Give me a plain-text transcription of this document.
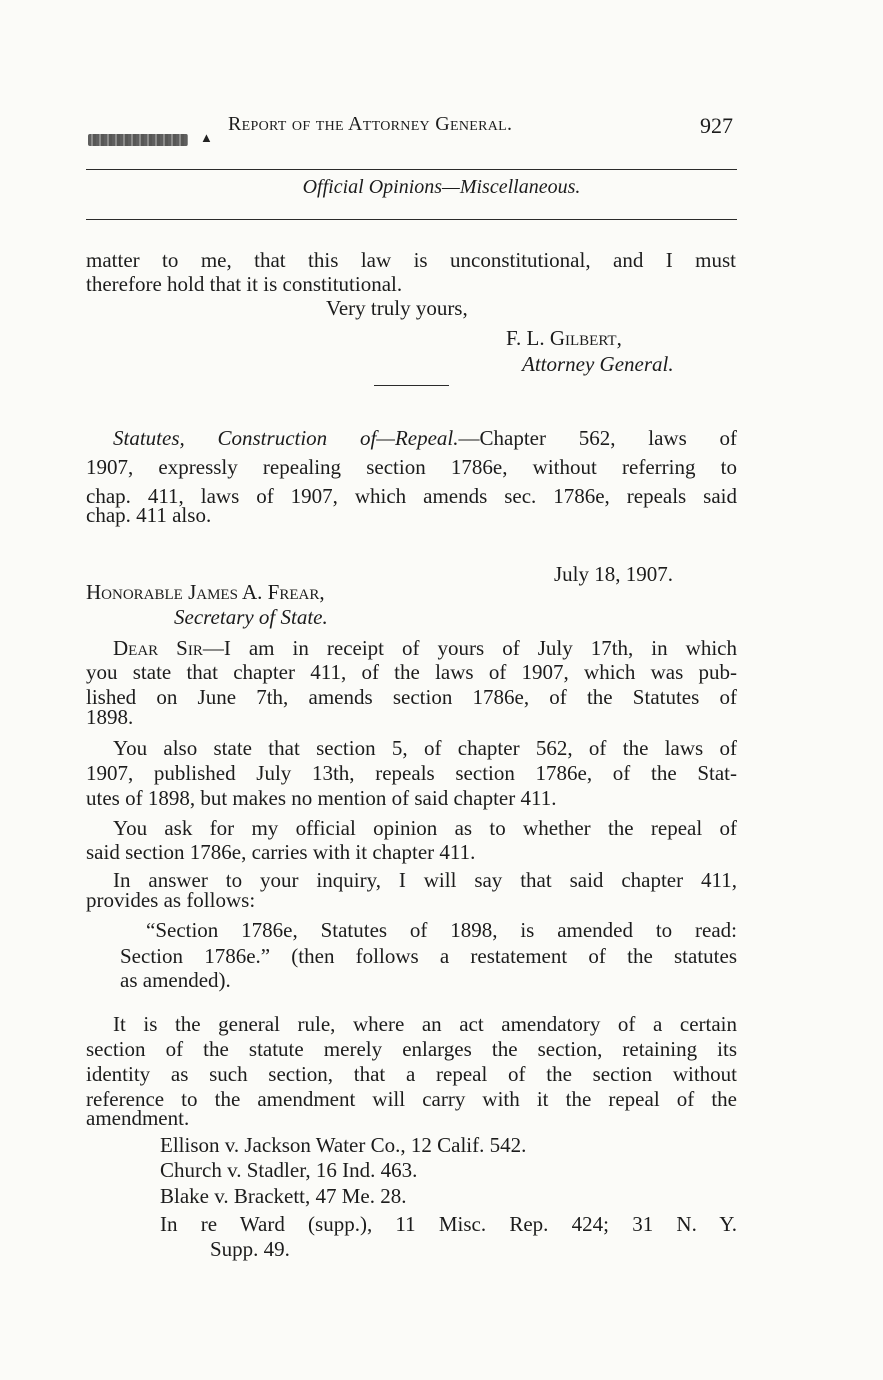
▲
Report of the Attorney General.	927
Official Opinions—Miscellaneous.
matter to me, that this law is unconstitutional, and I must
therefore hold that it is constitutional.
Very truly yours,
F. L. Gilbert,
Attorney General.
Statutes, Construction of—Repeal.—Chapter 562, laws of
1907, expressly repealing section 1786e, without referring to
chap. 411, laws of 1907, which amends sec. 1786e, repeals said
chap. 411 also.
July 18, 1907.
Honorable James A. Frear,
Secretary of State.
Dear Sir—I am in receipt of yours of July 17th, in which
you state that chapter 411, of the laws of 1907, which was pub-
lished on June 7th, amends section 1786e, of the Statutes of
1898.
You also state that section 5, of chapter 562, of the laws of
1907, published July 13th, repeals section 1786e, of the Stat-
utes of 1898, but makes no mention of said chapter 411.
You ask for my official opinion as to whether the repeal of
said section 1786e, carries with it chapter 411.
In answer to your inquiry, I will say that said chapter 411,
provides as follows:
“Section 1786e, Statutes of 1898, is amended to read:
Section 1786e.” (then follows a restatement of the statutes
as amended).
It is the general rule, where an act amendatory of a certain
section of the statute merely enlarges the section, retaining its
identity as such section, that a repeal of the section without
reference to the amendment will carry with it the repeal of the
amendment.
Ellison v. Jackson Water Co., 12 Calif. 542.
Church v. Stadler, 16 Ind. 463.
Blake v. Brackett, 47 Me. 28.
In re Ward (supp.), 11 Misc. Rep. 424; 31 N. Y.
Supp. 49.
